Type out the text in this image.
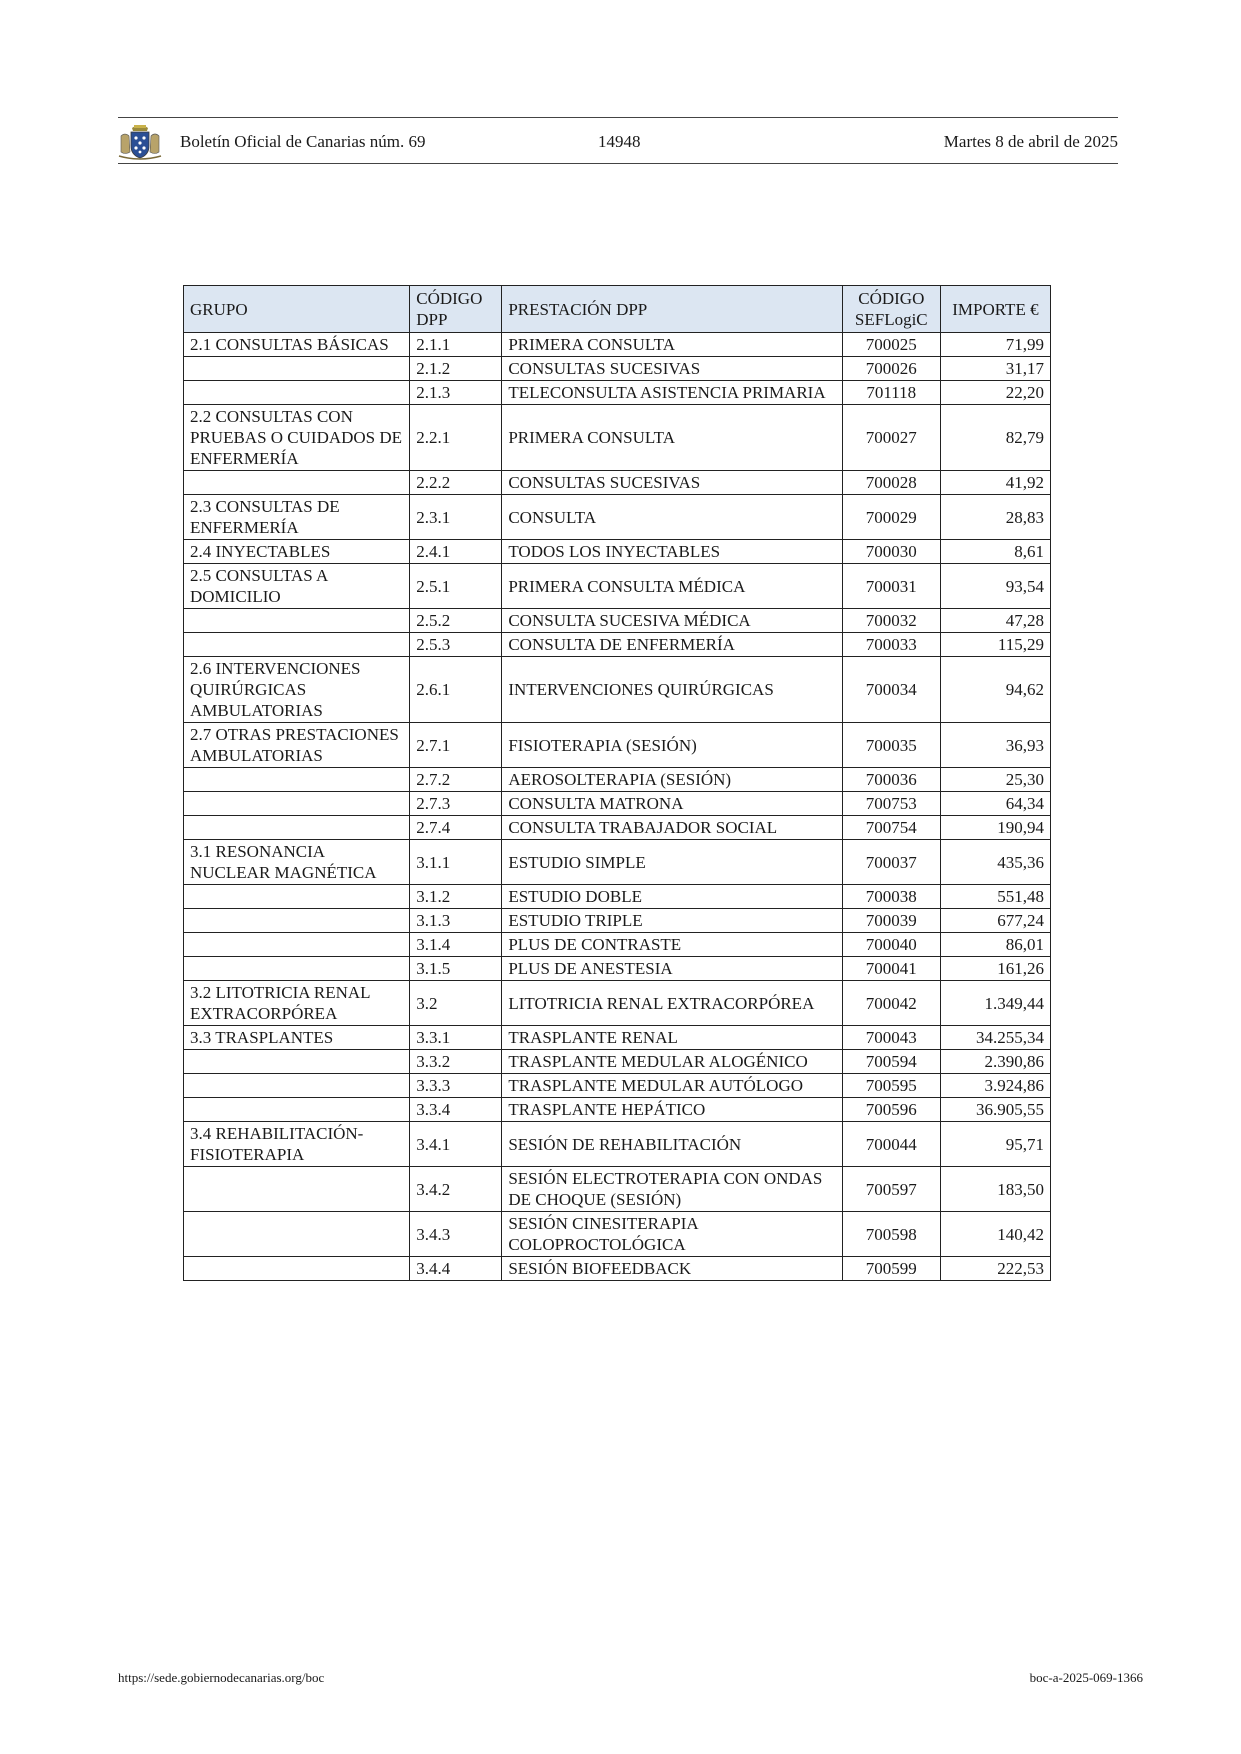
Boletín Oficial de Canarias núm. 69	14948	Martes 8 de abril de 2025
GRUPO	CÓDIGO DPP	PRESTACIÓN DPP	CÓDIGO SEFLogiC	IMPORTE €
2.1 CONSULTAS BÁSICAS	2.1.1	PRIMERA CONSULTA	700025	71,99
	2.1.2	CONSULTAS SUCESIVAS	700026	31,17
	2.1.3	TELECONSULTA ASISTENCIA PRIMARIA	701118	22,20
2.2 CONSULTAS CON PRUEBAS O CUIDADOS DE ENFERMERÍA	2.2.1	PRIMERA CONSULTA	700027	82,79
	2.2.2	CONSULTAS SUCESIVAS	700028	41,92
2.3 CONSULTAS DE ENFERMERÍA	2.3.1	CONSULTA	700029	28,83
2.4 INYECTABLES	2.4.1	TODOS LOS INYECTABLES	700030	8,61
2.5 CONSULTAS A DOMICILIO	2.5.1	PRIMERA CONSULTA MÉDICA	700031	93,54
	2.5.2	CONSULTA SUCESIVA MÉDICA	700032	47,28
	2.5.3	CONSULTA DE ENFERMERÍA	700033	115,29
2.6 INTERVENCIONES QUIRÚRGICAS AMBULATORIAS	2.6.1	INTERVENCIONES QUIRÚRGICAS	700034	94,62
2.7 OTRAS PRESTACIONES AMBULATORIAS	2.7.1	FISIOTERAPIA (SESIÓN)	700035	36,93
	2.7.2	AEROSOLTERAPIA (SESIÓN)	700036	25,30
	2.7.3	CONSULTA MATRONA	700753	64,34
	2.7.4	CONSULTA TRABAJADOR SOCIAL	700754	190,94
3.1 RESONANCIA NUCLEAR MAGNÉTICA	3.1.1	ESTUDIO SIMPLE	700037	435,36
	3.1.2	ESTUDIO DOBLE	700038	551,48
	3.1.3	ESTUDIO TRIPLE	700039	677,24
	3.1.4	PLUS DE CONTRASTE	700040	86,01
	3.1.5	PLUS DE ANESTESIA	700041	161,26
3.2 LITOTRICIA RENAL EXTRACORPÓREA	3.2	LITOTRICIA RENAL EXTRACORPÓREA	700042	1.349,44
3.3 TRASPLANTES	3.3.1	TRASPLANTE RENAL	700043	34.255,34
	3.3.2	TRASPLANTE MEDULAR ALOGÉNICO	700594	2.390,86
	3.3.3	TRASPLANTE MEDULAR AUTÓLOGO	700595	3.924,86
	3.3.4	TRASPLANTE HEPÁTICO	700596	36.905,55
3.4 REHABILITACIÓN-FISIOTERAPIA	3.4.1	SESIÓN DE REHABILITACIÓN	700044	95,71
	3.4.2	SESIÓN ELECTROTERAPIA CON ONDAS DE CHOQUE (SESIÓN)	700597	183,50
	3.4.3	SESIÓN CINESITERAPIA COLOPROCTOLÓGICA	700598	140,42
	3.4.4	SESIÓN BIOFEEDBACK	700599	222,53
https://sede.gobiernodecanarias.org/boc	boc-a-2025-069-1366
